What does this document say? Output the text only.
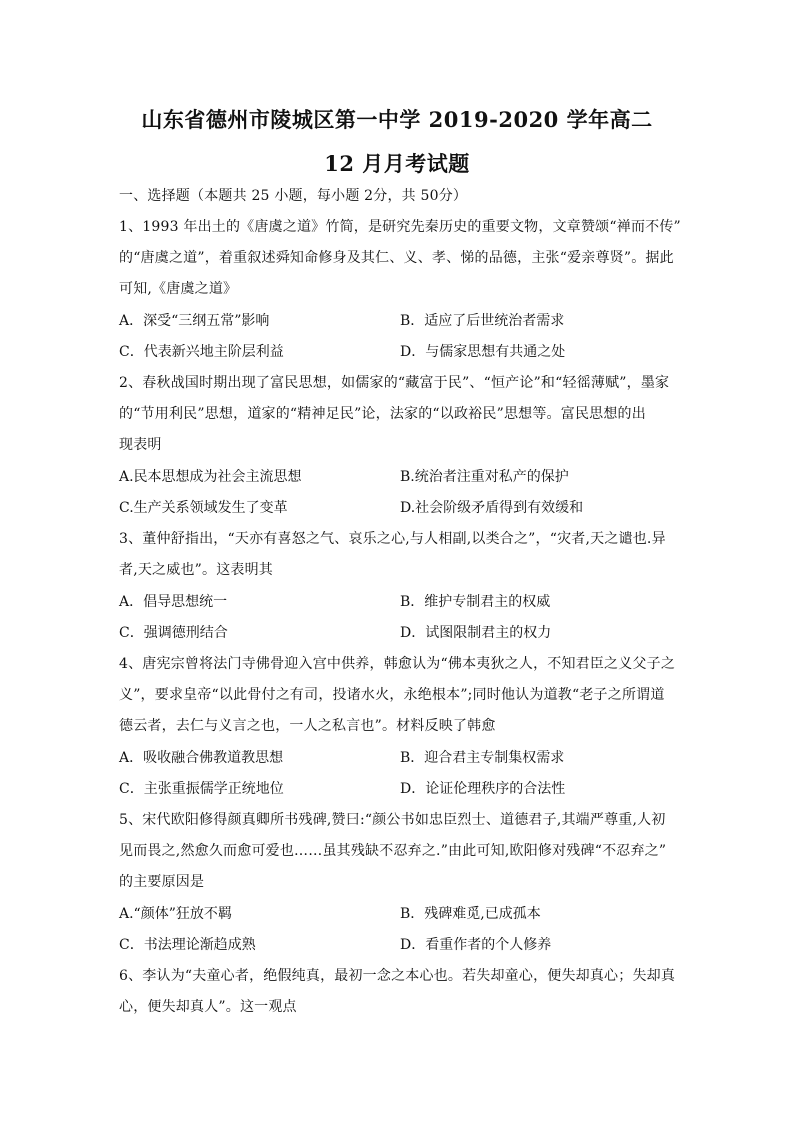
山东省德州市陵城区第一中学 2019-2020 学年高二
12 月月考试题
一、选择题（本题共 25 小题，每小题 2分，共 50分）
1、1993 年出土的《唐虞之道》竹简，是研究先秦历史的重要文物，文章赞颂“禅而不传”
的“唐虞之道”，着重叙述舜知命修身及其仁、义、孝、悌的品德，主张“爱亲尊贤”。据此
可知,《唐虞之道》
A．深受“三纲五常”影响	B．适应了后世统治者需求
C．代表新兴地主阶层利益	D．与儒家思想有共通之处
2、春秋战国时期出现了富民思想，如儒家的“藏富于民”、“恒产论”和“轻徭薄赋”，墨家
的“节用利民”思想，道家的“精神足民”论，法家的“以政裕民”思想等。富民思想的出
现表明
A.民本思想成为社会主流思想	B.统治者注重对私产的保护
C.生产关系领域发生了变革	D.社会阶级矛盾得到有效缓和
3、董仲舒指出，“天亦有喜怒之气、哀乐之心,与人相副,以类合之”，“灾者,天之谴也.异
者,天之威也”。这表明其
A．倡导思想统一	B．维护专制君主的权威
C．强调德刑结合	D．试图限制君主的权力
4、唐宪宗曾将法门寺佛骨迎入宫中供养，韩愈认为“佛本夷狄之人，不知君臣之义父子之
义”，要求皇帝“以此骨付之有司，投诸水火，永绝根本”;同时他认为道教“老子之所谓道
德云者，去仁与义言之也，一人之私言也”。材料反映了韩愈
A．吸收融合佛教道教思想	B．迎合君主专制集权需求
C．主张重振儒学正统地位	D．论证伦理秩序的合法性
5、宋代欧阳修得颜真卿所书残碑,赞曰:“颜公书如忠臣烈士、道德君子,其端严尊重,人初
见而畏之,然愈久而愈可爱也……虽其残缺不忍弃之.”由此可知,欧阳修对残碑“不忍弃之”
的主要原因是
A.“颜体”狂放不羁	B．残碑难觅,已成孤本
C．书法理论渐趋成熟	D．看重作者的个人修养
6、李认为“夫童心者，绝假纯真，最初一念之本心也。若失却童心，便失却真心；失却真
心，便失却真人”。这一观点
